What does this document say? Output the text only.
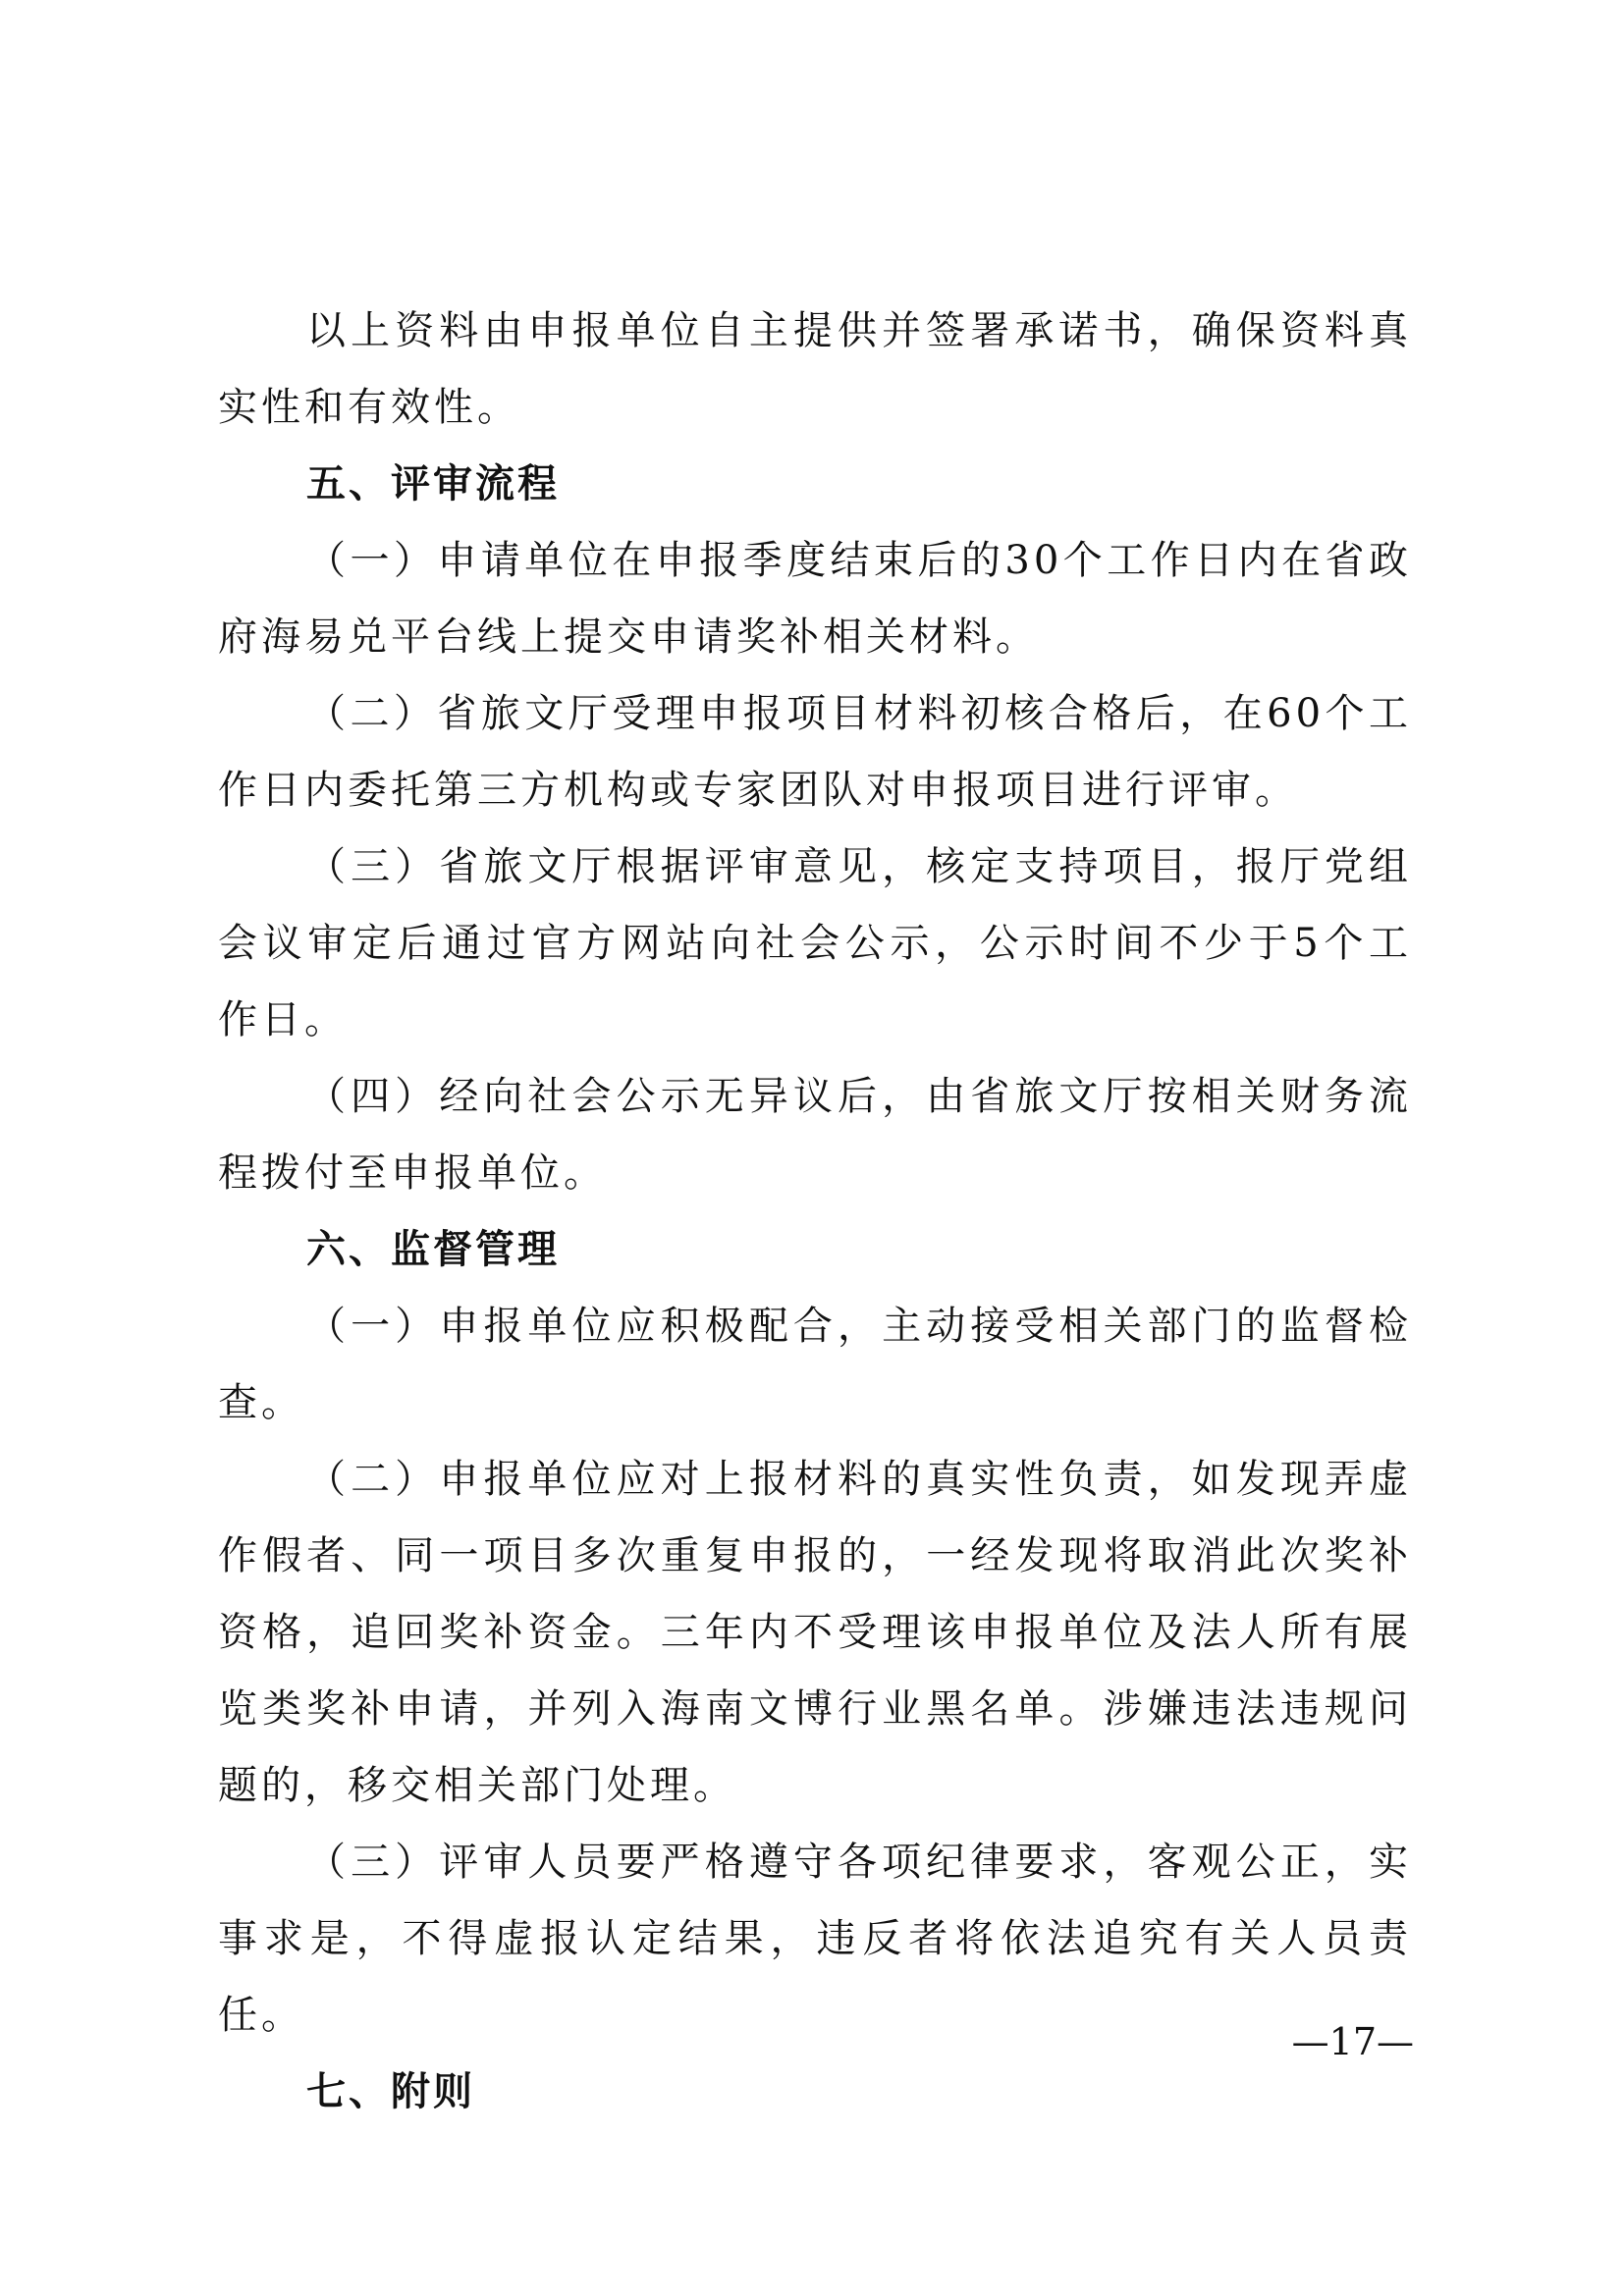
以上资料由申报单位自主提供并签署承诺书，确保资料真实性和有效性。

五、评审流程

（一）申请单位在申报季度结束后的30个工作日内在省政府海易兑平台线上提交申请奖补相关材料。

（二）省旅文厅受理申报项目材料初核合格后，在60个工作日内委托第三方机构或专家团队对申报项目进行评审。

（三）省旅文厅根据评审意见，核定支持项目，报厅党组会议审定后通过官方网站向社会公示，公示时间不少于5个工作日。

（四）经向社会公示无异议后，由省旅文厅按相关财务流程拨付至申报单位。

六、监督管理

（一）申报单位应积极配合，主动接受相关部门的监督检查。

（二）申报单位应对上报材料的真实性负责，如发现弄虚作假者、同一项目多次重复申报的，一经发现将取消此次奖补资格，追回奖补资金。三年内不受理该申报单位及法人所有展览类奖补申请，并列入海南文博行业黑名单。涉嫌违法违规问题的，移交相关部门处理。

（三）评审人员要严格遵守各项纪律要求，客观公正，实事求是，不得虚报认定结果，违反者将依法追究有关人员责任。

七、附则

—17—
